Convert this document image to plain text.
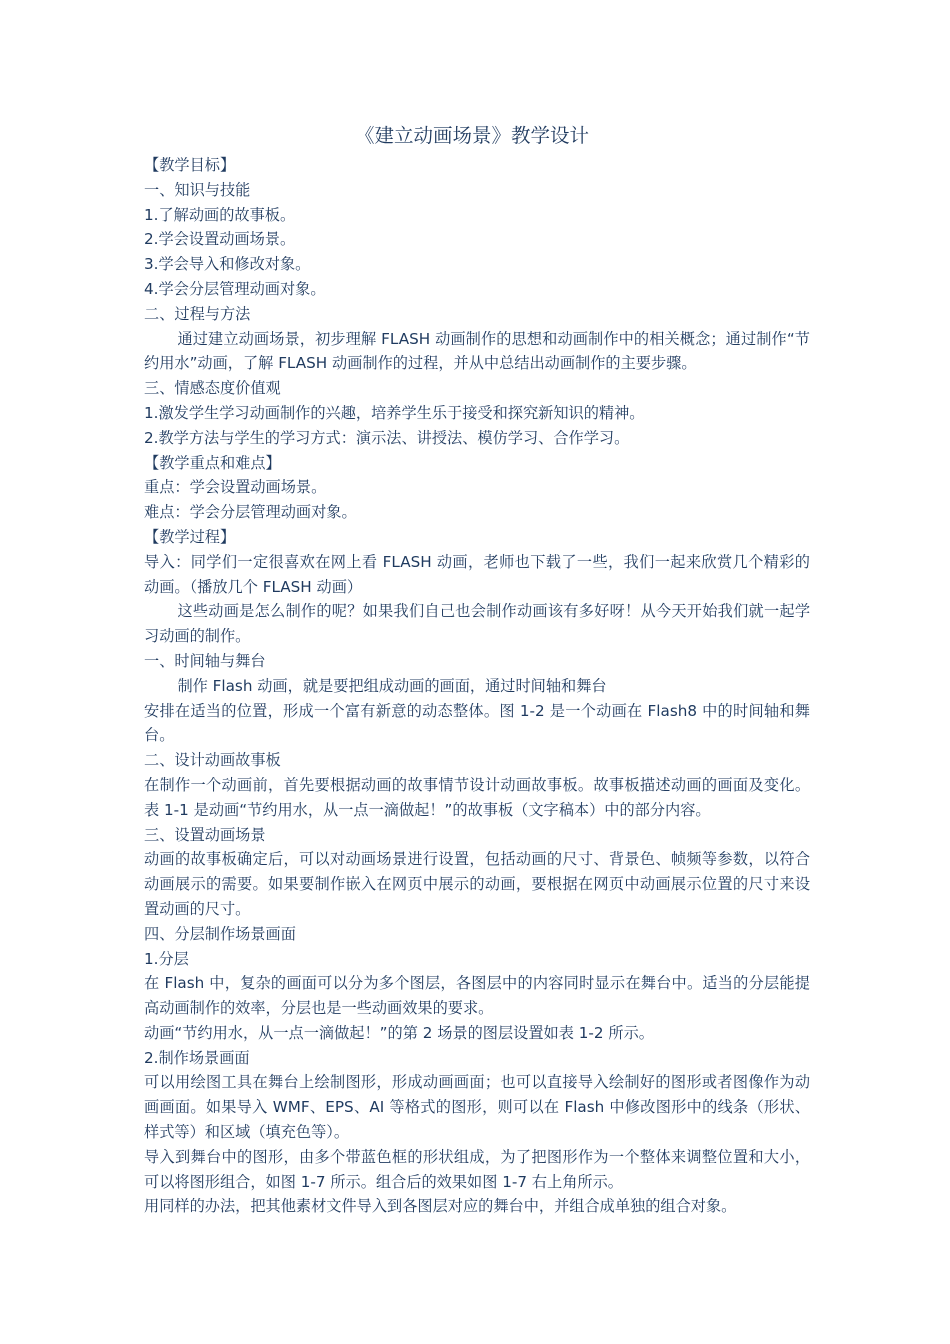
《建立动画场景》教学设计

【教学目标】

一、知识与技能

1.了解动画的故事板。

2.学会设置动画场景。

3.学会导入和修改对象。

4.学会分层管理动画对象。

二、过程与方法

通过建立动画场景，初步理解 FLASH 动画制作的思想和动画制作中的相关概念；通过制作“节约用水”动画，了解 FLASH 动画制作的过程，并从中总结出动画制作的主要步骤。

三、情感态度价值观

1.激发学生学习动画制作的兴趣，培养学生乐于接受和探究新知识的精神。

2.教学方法与学生的学习方式：演示法、讲授法、模仿学习、合作学习。

【教学重点和难点】

重点：学会设置动画场景。

难点：学会分层管理动画对象。

【教学过程】

导入：同学们一定很喜欢在网上看 FLASH 动画，老师也下载了一些，我们一起来欣赏几个精彩的动画。（播放几个 FLASH 动画）

这些动画是怎么制作的呢？如果我们自己也会制作动画该有多好呀！从今天开始我们就一起学习动画的制作。

一、时间轴与舞台

制作 Flash 动画，就是要把组成动画的画面，通过时间轴和舞台

安排在适当的位置，形成一个富有新意的动态整体。图 1-2 是一个动画在 Flash8 中的时间轴和舞台。

二、设计动画故事板

在制作一个动画前，首先要根据动画的故事情节设计动画故事板。故事板描述动画的画面及变化。表 1-1 是动画“节约用水，从一点一滴做起！”的故事板（文字稿本）中的部分内容。

三、设置动画场景

动画的故事板确定后，可以对动画场景进行设置，包括动画的尺寸、背景色、帧频等参数，以符合动画展示的需要。如果要制作嵌入在网页中展示的动画，要根据在网页中动画展示位置的尺寸来设置动画的尺寸。

四、分层制作场景画面

1.分层

在 Flash 中，复杂的画面可以分为多个图层，各图层中的内容同时显示在舞台中。适当的分层能提高动画制作的效率，分层也是一些动画效果的要求。

动画“节约用水，从一点一滴做起！”的第 2 场景的图层设置如表 1-2 所示。

2.制作场景画面

可以用绘图工具在舞台上绘制图形，形成动画画面；也可以直接导入绘制好的图形或者图像作为动画画面。如果导入 WMF、EPS、AI 等格式的图形，则可以在 Flash 中修改图形中的线条（形状、样式等）和区域（填充色等）。

导入到舞台中的图形，由多个带蓝色框的形状组成，为了把图形作为一个整体来调整位置和大小，可以将图形组合，如图 1-7 所示。组合后的效果如图 1-7 右上角所示。

用同样的办法，把其他素材文件导入到各图层对应的舞台中，并组合成单独的组合对象。
